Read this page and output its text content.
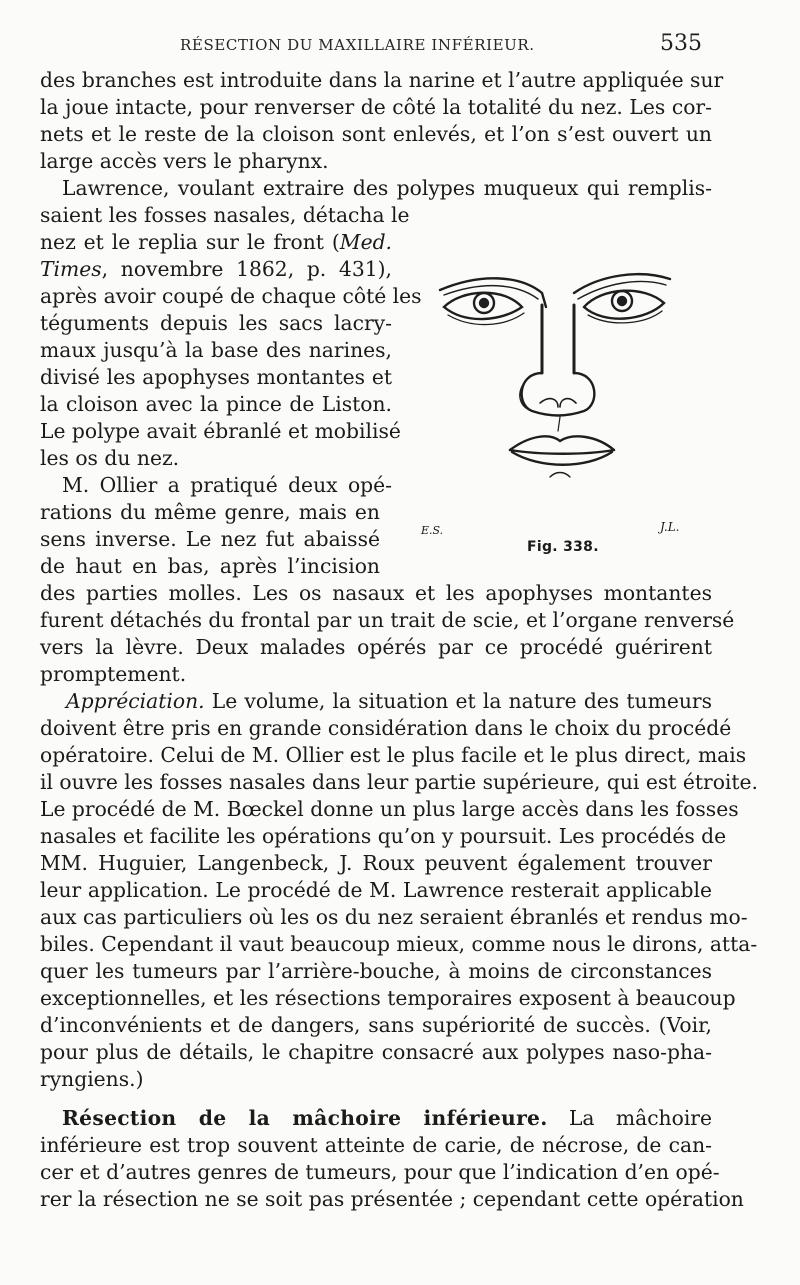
RÉSECTION DU MAXILLAIRE INFÉRIEUR.	535
des branches est introduite dans la narine et l’autre appliquée sur
la joue intacte, pour renverser de côté la totalité du nez. Les cor-
nets et le reste de la cloison sont enlevés, et l’on s’est ouvert un
large accès vers le pharynx.
Lawrence, voulant extraire des polypes muqueux qui remplis-
saient les fosses nasales, détacha le
nez et le replia sur le front (Med.
Times, novembre 1862, p. 431),
après avoir coupé de chaque côté les
téguments depuis les sacs lacry-
maux jusqu’à la base des narines,
divisé les apophyses montantes et
la cloison avec la pince de Liston.
Le polype avait ébranlé et mobilisé
les os du nez.
M. Ollier a pratiqué deux opé-
rations du même genre, mais en
sens inverse. Le nez fut abaissé
de haut en bas, après l’incision
des parties molles. Les os nasaux et les apophyses montantes
furent détachés du frontal par un trait de scie, et l’organe renversé
vers la lèvre. Deux malades opérés par ce procédé guérirent
promptement.
Appréciation. Le volume, la situation et la nature des tumeurs
doivent être pris en grande considération dans le choix du procédé
opératoire. Celui de M. Ollier est le plus facile et le plus direct, mais
il ouvre les fosses nasales dans leur partie supérieure, qui est étroite.
Le procédé de M. Bœckel donne un plus large accès dans les fosses
nasales et facilite les opérations qu’on y poursuit. Les procédés de
MM. Huguier, Langenbeck, J. Roux peuvent également trouver
leur application. Le procédé de M. Lawrence resterait applicable
aux cas particuliers où les os du nez seraient ébranlés et rendus mo-
biles. Cependant il vaut beaucoup mieux, comme nous le dirons, atta-
quer les tumeurs par l’arrière-bouche, à moins de circonstances
exceptionnelles, et les résections temporaires exposent à beaucoup
d’inconvénients et de dangers, sans supériorité de succès. (Voir,
pour plus de détails, le chapitre consacré aux polypes naso-pha-
ryngiens.)
Résection de la mâchoire inférieure. La mâchoire
inférieure est trop souvent atteinte de carie, de nécrose, de can-
cer et d’autres genres de tumeurs, pour que l’indication d’en opé-
rer la résection ne se soit pas présentée ; cependant cette opération
E.S.	J.L.
Fig. 338.
